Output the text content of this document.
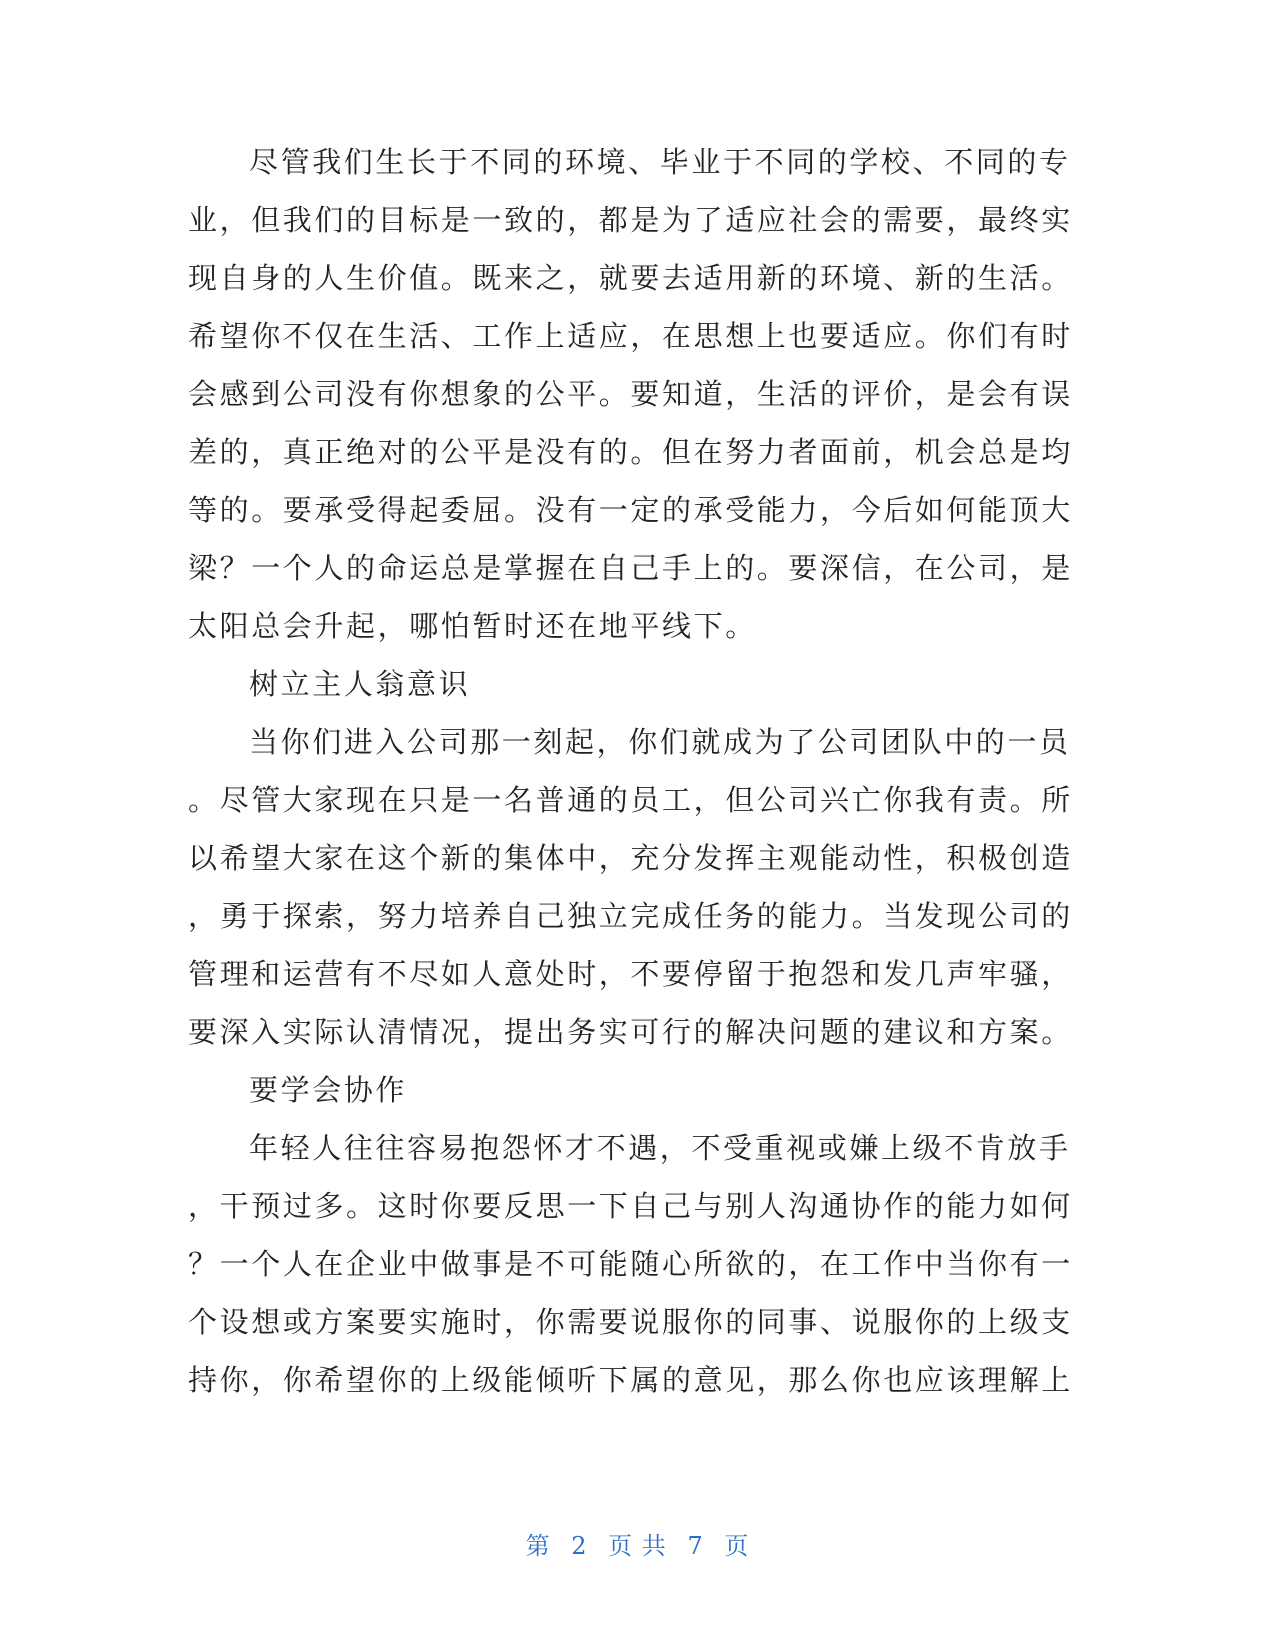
尽管我们生长于不同的环境、毕业于不同的学校、不同的专
业，但我们的目标是一致的，都是为了适应社会的需要，最终实
现自身的人生价值。既来之，就要去适用新的环境、新的生活。
希望你不仅在生活、工作上适应，在思想上也要适应。你们有时
会感到公司没有你想象的公平。要知道，生活的评价，是会有误
差的，真正绝对的公平是没有的。但在努力者面前，机会总是均
等的。要承受得起委屈。没有一定的承受能力，今后如何能顶大
梁？一个人的命运总是掌握在自己手上的。要深信，在公司，是
太阳总会升起，哪怕暂时还在地平线下。
树立主人翁意识
当你们进入公司那一刻起，你们就成为了公司团队中的一员
。尽管大家现在只是一名普通的员工，但公司兴亡你我有责。所
以希望大家在这个新的集体中，充分发挥主观能动性，积极创造
，勇于探索，努力培养自己独立完成任务的能力。当发现公司的
管理和运营有不尽如人意处时，不要停留于抱怨和发几声牢骚，
要深入实际认清情况，提出务实可行的解决问题的建议和方案。
要学会协作
年轻人往往容易抱怨怀才不遇，不受重视或嫌上级不肯放手
，干预过多。这时你要反思一下自己与别人沟通协作的能力如何
？一个人在企业中做事是不可能随心所欲的，在工作中当你有一
个设想或方案要实施时，你需要说服你的同事、说服你的上级支
持你，你希望你的上级能倾听下属的意见，那么你也应该理解上
第 2 页 共 7 页
